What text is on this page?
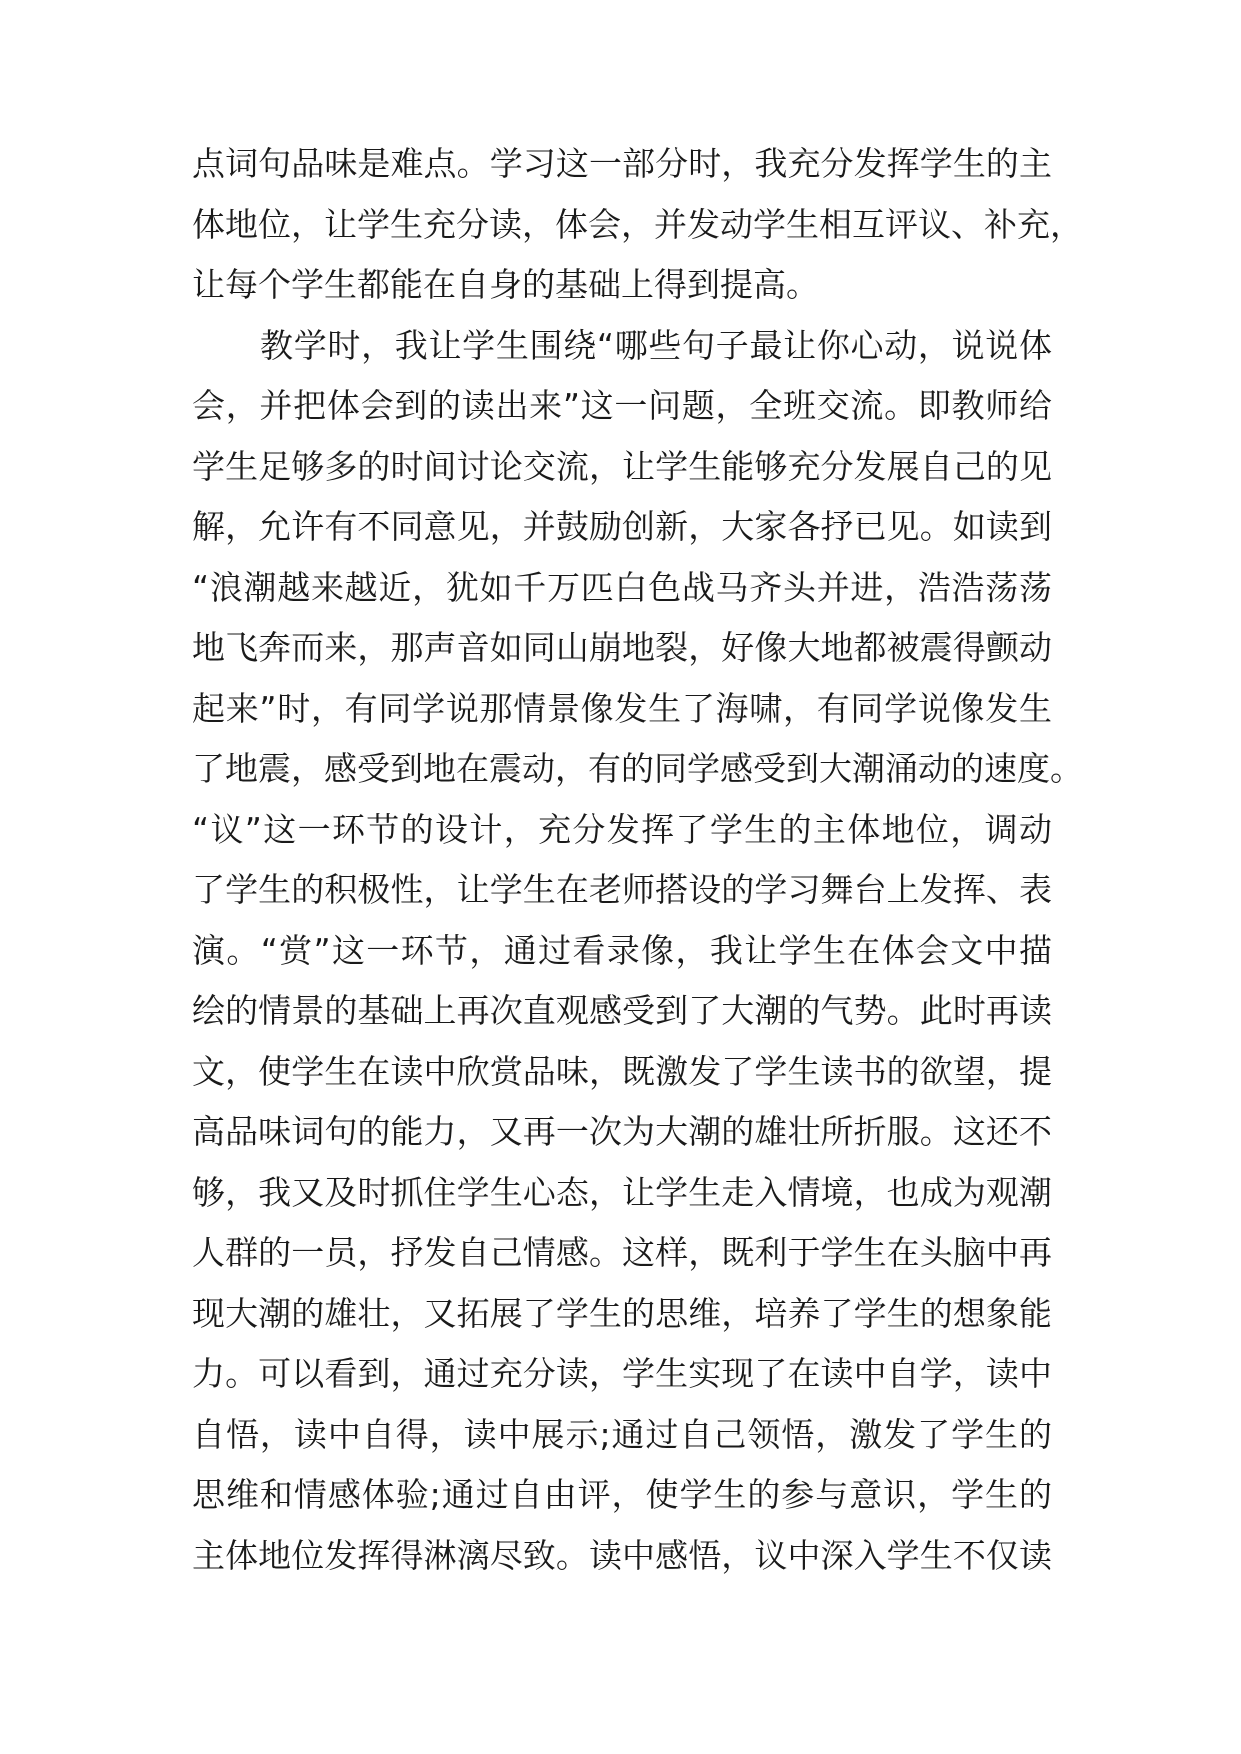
点词句品味是难点。学习这一部分时，我充分发挥学生的主
体地位，让学生充分读，体会，并发动学生相互评议、补充，
让每个学生都能在自身的基础上得到提高。
教学时，我让学生围绕“哪些句子最让你心动，说说体
会，并把体会到的读出来”这一问题，全班交流。即教师给
学生足够多的时间讨论交流，让学生能够充分发展自己的见
解，允许有不同意见，并鼓励创新，大家各抒已见。如读到
“浪潮越来越近，犹如千万匹白色战马齐头并进，浩浩荡荡
地飞奔而来，那声音如同山崩地裂，好像大地都被震得颤动
起来”时，有同学说那情景像发生了海啸，有同学说像发生
了地震，感受到地在震动，有的同学感受到大潮涌动的速度。
“议”这一环节的设计，充分发挥了学生的主体地位，调动
了学生的积极性，让学生在老师搭设的学习舞台上发挥、表
演。“赏”这一环节，通过看录像，我让学生在体会文中描
绘的情景的基础上再次直观感受到了大潮的气势。此时再读
文，使学生在读中欣赏品味，既激发了学生读书的欲望，提
高品味词句的能力，又再一次为大潮的雄壮所折服。这还不
够，我又及时抓住学生心态，让学生走入情境，也成为观潮
人群的一员，抒发自己情感。这样，既利于学生在头脑中再
现大潮的雄壮，又拓展了学生的思维，培养了学生的想象能
力。可以看到，通过充分读，学生实现了在读中自学，读中
自悟，读中自得，读中展示;通过自己领悟，激发了学生的
思维和情感体验;通过自由评，使学生的参与意识，学生的
主体地位发挥得淋漓尽致。读中感悟，议中深入学生不仅读
